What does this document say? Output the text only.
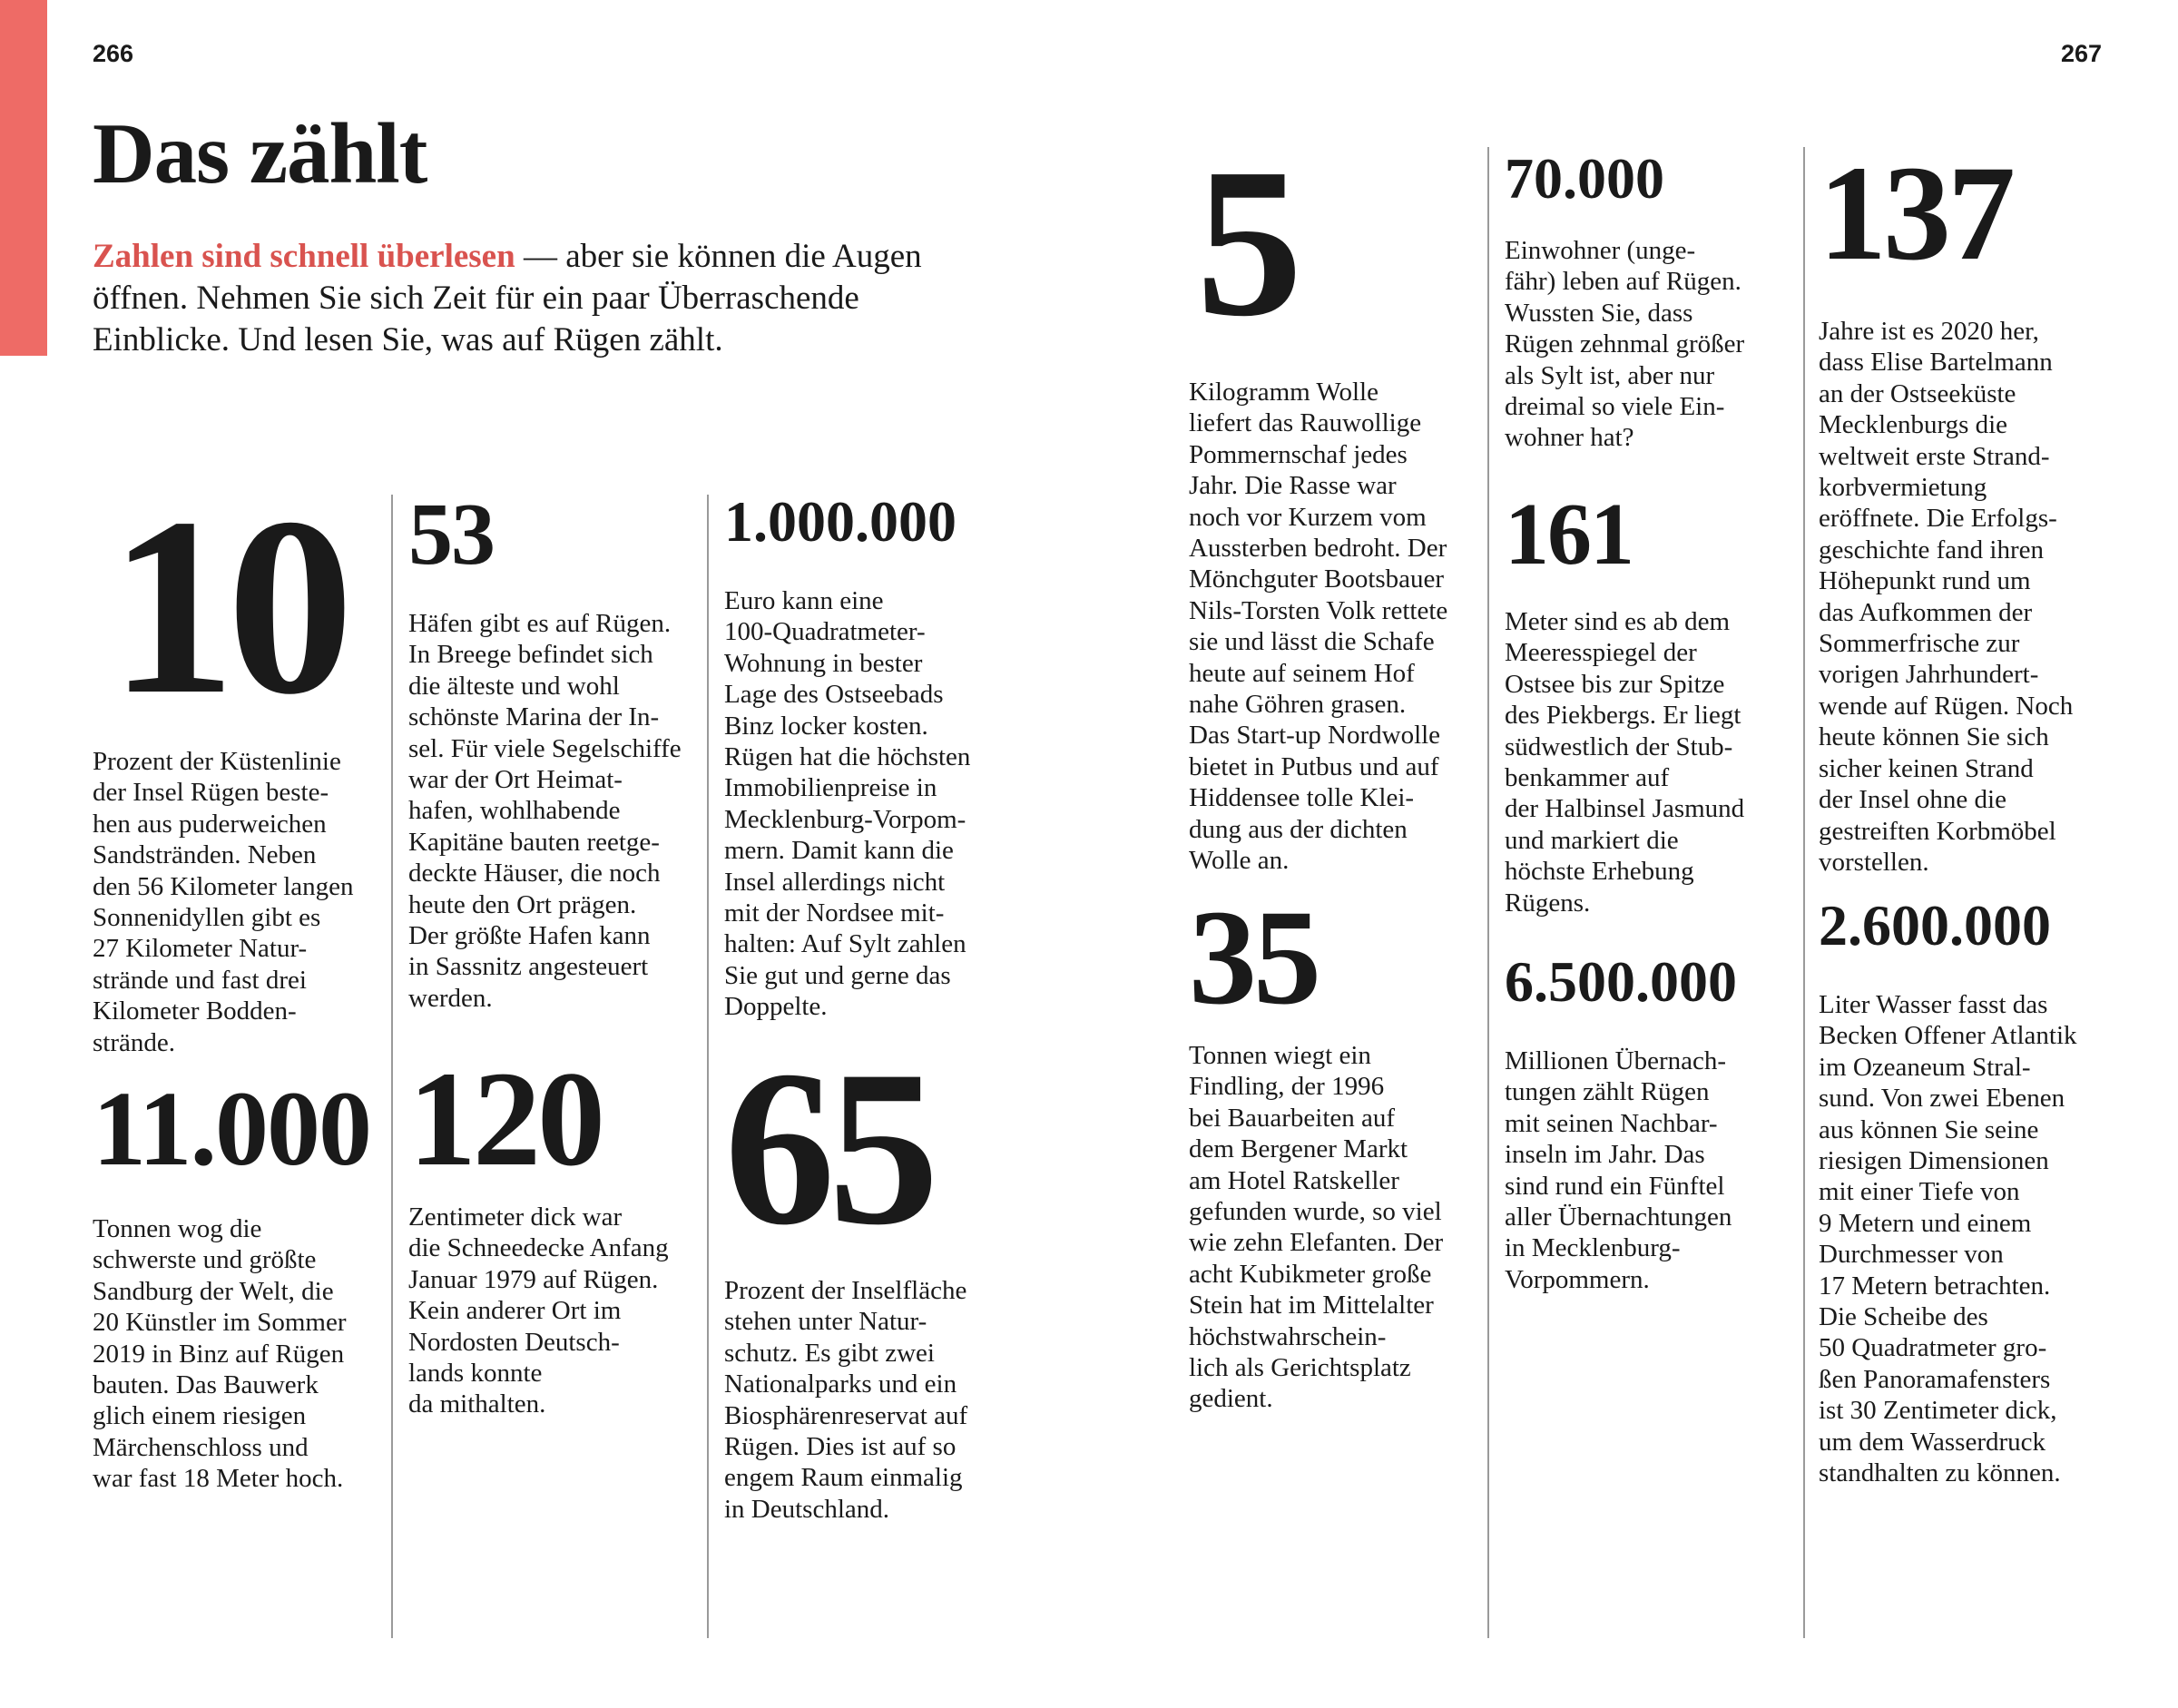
266	267
Das zählt

Zahlen sind schnell überlesen — aber sie können die Augen öffnen. Nehmen Sie sich Zeit für ein paar Überraschende Einblicke. Und lesen Sie, was auf Rügen zählt.

10

Prozent der Küstenlinie
der Insel Rügen beste-
hen aus puderweichen
Sandstränden. Neben
den 56 Kilometer langen
Sonnenidyllen gibt es
27 Kilometer Natur-
strände und fast drei
Kilometer Bodden-
strände.

11.000

Tonnen wog die
schwerste und größte
Sandburg der Welt, die
20 Künstler im Sommer
2019 in Binz auf Rügen
bauten. Das Bauwerk
glich einem riesigen
Märchenschloss und
war fast 18 Meter hoch.

53

Häfen gibt es auf Rügen.
In Breege befindet sich
die älteste und wohl
schönste Marina der In-
sel. Für viele Segelschiffe
war der Ort Heimat-
hafen, wohlhabende
Kapitäne bauten reetge-
deckte Häuser, die noch
heute den Ort prägen.
Der größte Hafen kann
in Sassnitz angesteuert
werden.

120

Zentimeter dick war
die Schneedecke Anfang
Januar 1979 auf Rügen.
Kein anderer Ort im
Nordosten Deutsch-
lands konnte
da mithalten.

1.000.000

Euro kann eine
100-Quadratmeter-
Wohnung in bester
Lage des Ostseebads
Binz locker kosten.
Rügen hat die höchsten
Immobilienpreise in
Mecklenburg-Vorpom-
mern. Damit kann die
Insel allerdings nicht
mit der Nordsee mit-
halten: Auf Sylt zahlen
Sie gut und gerne das
Doppelte.

65

Prozent der Inselfläche
stehen unter Natur-
schutz. Es gibt zwei
Nationalparks und ein
Biosphärenreservat auf
Rügen. Dies ist auf so
engem Raum einmalig
in Deutschland.

5

Kilogramm Wolle
liefert das Rauwollige
Pommernschaf jedes
Jahr. Die Rasse war
noch vor Kurzem vom
Aussterben bedroht. Der
Mönchguter Bootsbauer
Nils-Torsten Volk rettete
sie und lässt die Schafe
heute auf seinem Hof
nahe Göhren grasen.
Das Start-up Nordwolle
bietet in Putbus und auf
Hiddensee tolle Klei-
dung aus der dichten
Wolle an.

35

Tonnen wiegt ein
Findling, der 1996
bei Bauarbeiten auf
dem Bergener Markt
am Hotel Ratskeller
gefunden wurde, so viel
wie zehn Elefanten. Der
acht Kubikmeter große
Stein hat im Mittelalter
höchstwahrschein-
lich als Gerichtsplatz
gedient.

70.000

Einwohner (unge-
fähr) leben auf Rügen.
Wussten Sie, dass
Rügen zehnmal größer
als Sylt ist, aber nur
dreimal so viele Ein-
wohner hat?

161

Meter sind es ab dem
Meeresspiegel der
Ostsee bis zur Spitze
des Piekbergs. Er liegt
südwestlich der Stub-
benkammer auf
der Halbinsel Jasmund
und markiert die
höchste Erhebung
Rügens.

6.500.000

Millionen Übernach-
tungen zählt Rügen
mit seinen Nachbar-
inseln im Jahr. Das
sind rund ein Fünftel
aller Übernachtungen
in Mecklenburg-
Vorpommern.

137

Jahre ist es 2020 her,
dass Elise Bartelmann
an der Ostseeküste
Mecklenburgs die
weltweit erste Strand-
korbvermietung
eröffnete. Die Erfolgs-
geschichte fand ihren
Höhepunkt rund um
das Aufkommen der
Sommerfrische zur
vorigen Jahrhundert-
wende auf Rügen. Noch
heute können Sie sich
sicher keinen Strand
der Insel ohne die
gestreiften Korbmöbel
vorstellen.

2.600.000

Liter Wasser fasst das
Becken Offener Atlantik
im Ozeaneum Stral-
sund. Von zwei Ebenen
aus können Sie seine
riesigen Dimensionen
mit einer Tiefe von
9 Metern und einem
Durchmesser von
17 Metern betrachten.
Die Scheibe des
50 Quadratmeter gro-
ßen Panoramafensters
ist 30 Zentimeter dick,
um dem Wasserdruck
standhalten zu können.
